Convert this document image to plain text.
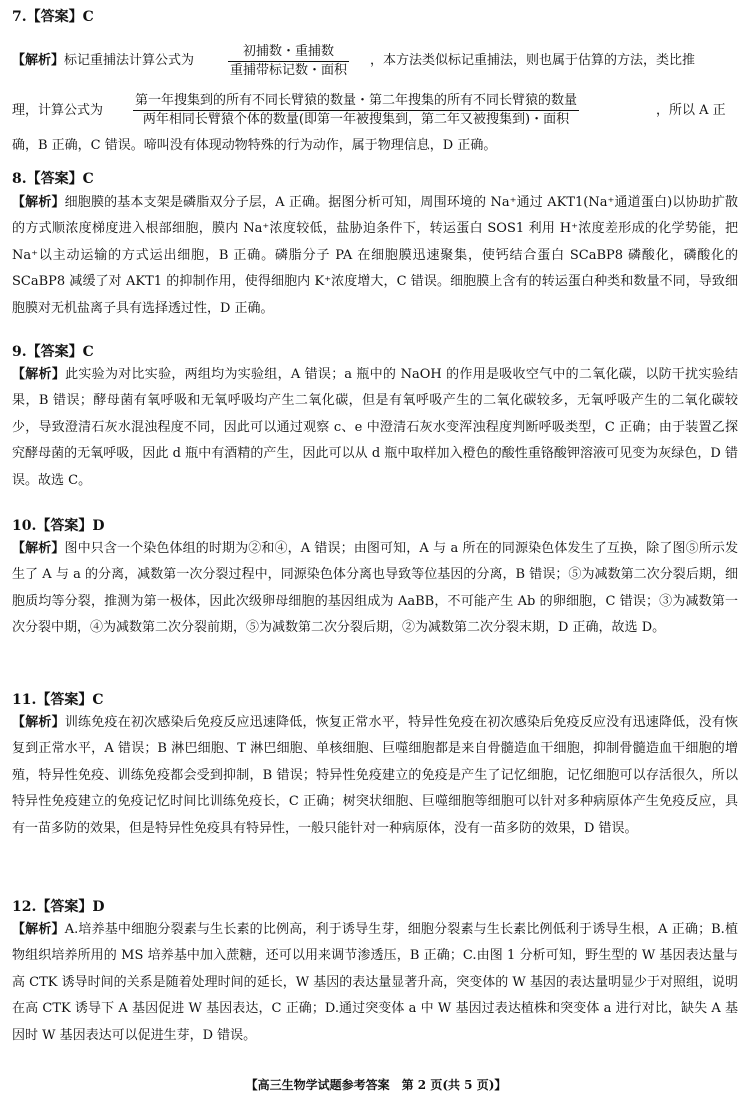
7.【答案】C
【解析】标记重捕法计算公式为
初捕数・重捕数
重捕带标记数・面积
，本方法类似标记重捕法，则也属于估算的方法，类比推
理，计算公式为
第一年搜集到的所有不同长臂猿的数量・第二年搜集的所有不同长臂猿的数量
两年相同长臂猿个体的数量(即第一年被搜集到，第二年又被搜集到)・面积
，所以 A 正
确，B 正确，C 错误。啼叫没有体现动物特殊的行为动作，属于物理信息，D 正确。
8.【答案】C
【解析】细胞膜的基本支架是磷脂双分子层，A 正确。据图分析可知，周围环境的 Na⁺通过 AKT1(Na⁺通道蛋白)以协助扩散的方式顺浓度梯度进入根部细胞，膜内 Na⁺浓度较低，盐胁迫条件下，转运蛋白 SOS1 利用 H⁺浓度差形成的化学势能，把 Na⁺以主动运输的方式运出细胞，B 正确。磷脂分子 PA 在细胞膜迅速聚集，使钙结合蛋白 SCaBP8 磷酸化，磷酸化的 SCaBP8 减缓了对 AKT1 的抑制作用，使得细胞内 K⁺浓度增大，C 错误。细胞膜上含有的转运蛋白种类和数量不同，导致细胞膜对无机盐离子具有选择透过性，D 正确。
9.【答案】C
【解析】此实验为对比实验，两组均为实验组，A 错误；a 瓶中的 NaOH 的作用是吸收空气中的二氧化碳，以防干扰实验结果，B 错误；酵母菌有氧呼吸和无氧呼吸均产生二氧化碳，但是有氧呼吸产生的二氧化碳较多，无氧呼吸产生的二氧化碳较少，导致澄清石灰水混浊程度不同，因此可以通过观察 c、e 中澄清石灰水变浑浊程度判断呼吸类型，C 正确；由于装置乙探究酵母菌的无氧呼吸，因此 d 瓶中有酒精的产生，因此可以从 d 瓶中取样加入橙色的酸性重铬酸钾溶液可见变为灰绿色，D 错误。故选 C。
10.【答案】D
【解析】图中只含一个染色体组的时期为②和④，A 错误；由图可知，A 与 a 所在的同源染色体发生了互换，除了图⑤所示发生了 A 与 a 的分离，减数第一次分裂过程中，同源染色体分离也导致等位基因的分离，B 错误；⑤为减数第二次分裂后期，细胞质均等分裂，推测为第一极体，因此次级卵母细胞的基因组成为 AaBB，不可能产生 Ab 的卵细胞，C 错误；③为减数第一次分裂中期，④为减数第二次分裂前期，⑤为减数第二次分裂后期，②为减数第二次分裂末期，D 正确，故选 D。
11.【答案】C
【解析】训练免疫在初次感染后免疫反应迅速降低，恢复正常水平，特异性免疫在初次感染后免疫反应没有迅速降低，没有恢复到正常水平，A 错误；B 淋巴细胞、T 淋巴细胞、单核细胞、巨噬细胞都是来自骨髓造血干细胞，抑制骨髓造血干细胞的增殖，特异性免疫、训练免疫都会受到抑制，B 错误；特异性免疫建立的免疫是产生了记忆细胞，记忆细胞可以存活很久，所以特异性免疫建立的免疫记忆时间比训练免疫长，C 正确；树突状细胞、巨噬细胞等细胞可以针对多种病原体产生免疫反应，具有一苗多防的效果，但是特异性免疫具有特异性，一般只能针对一种病原体，没有一苗多防的效果，D 错误。
12.【答案】D
【解析】A.培养基中细胞分裂素与生长素的比例高，利于诱导生芽，细胞分裂素与生长素比例低利于诱导生根，A 正确；B.植物组织培养所用的 MS 培养基中加入蔗糖，还可以用来调节渗透压，B 正确；C.由图 1 分析可知，野生型的 W 基因表达量与高 CTK 诱导时间的关系是随着处理时间的延长，W 基因的表达量显著升高，突变体的 W 基因的表达量明显少于对照组，说明在高 CTK 诱导下 A 基因促进 W 基因表达，C 正确；D.通过突变体 a 中 W 基因过表达植株和突变体 a 进行对比，缺失 A 基因时 W 基因表达可以促进生芽，D 错误。
【高三生物学试题参考答案　第 2 页(共 5 页)】
